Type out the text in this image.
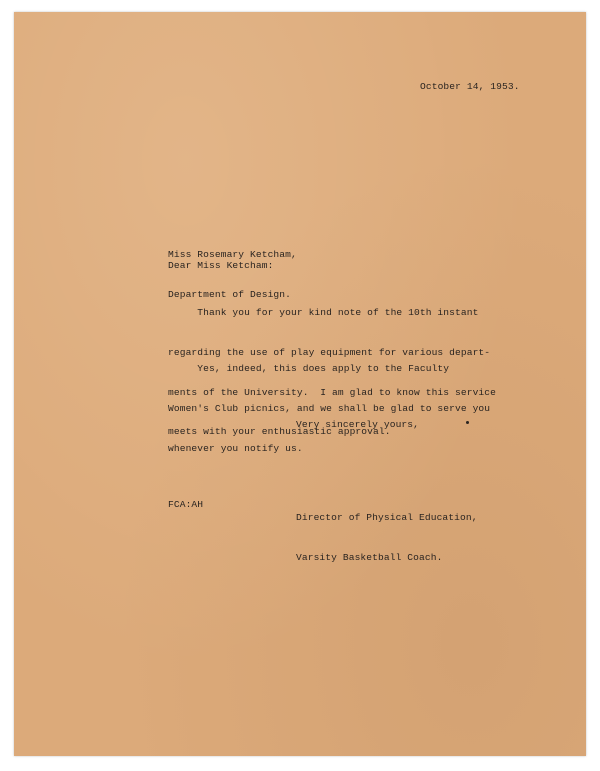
October 14, 1953.

Miss Rosemary Ketcham,

Department of Design.

Dear Miss Ketcham:

Thank you for your kind note of the 10th instant

regarding the use of play equipment for various depart-

ments of the University.  I am glad to know this service

meets with your enthusiastic approval.

Yes, indeed, this does apply to the Faculty

Women's Club picnics, and we shall be glad to serve you

whenever you notify us.

Very sincerely yours,

Director of Physical Education,

Varsity Basketball Coach.

FCA:AH
